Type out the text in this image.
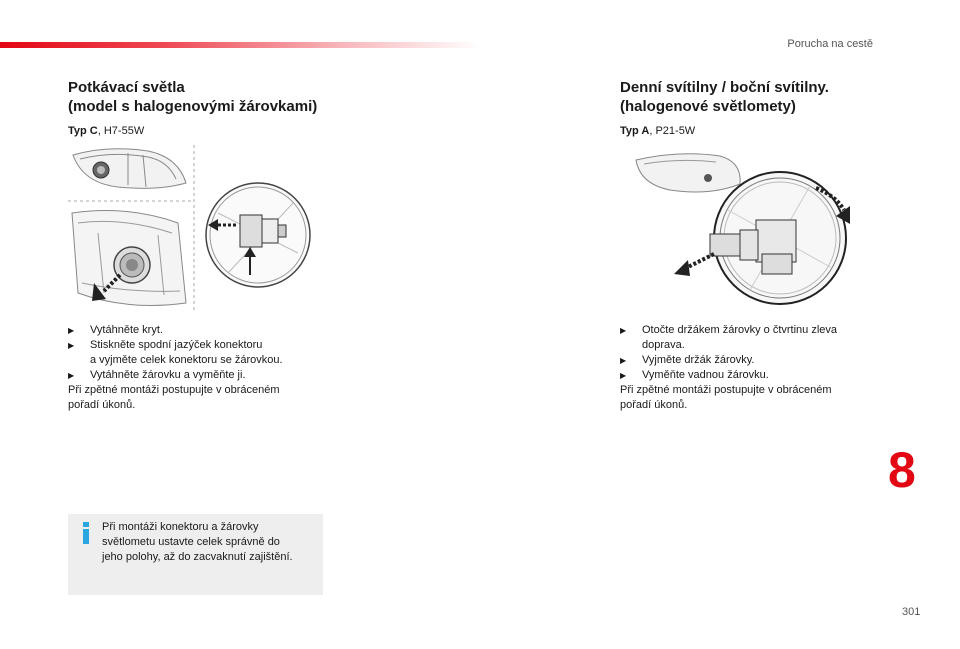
Porucha na cestě
Potkávací světla
(model s halogenovými žárovkami)
Typ C, H7-55W
▶ Vytáhněte kryt.
▶ Stiskněte spodní jazýček konektoru
a vyjměte celek konektoru se žárovkou.
▶ Vytáhněte žárovku a vyměňte ji.
Při zpětné montáži postupujte v obráceném
pořadí úkonů.
Při montáži konektoru a žárovky
světlometu ustavte celek správně do
jeho polohy, až do zacvaknutí zajištění.
Denní svítilny / boční svítilny.
(halogenové světlomety)
Typ A, P21-5W
▶ Otočte držákem žárovky o čtvrtinu zleva
doprava.
▶ Vyjměte držák žárovky.
▶ Vyměňte vadnou žárovku.
Při zpětné montáži postupujte v obráceném
pořadí úkonů.
8
301
